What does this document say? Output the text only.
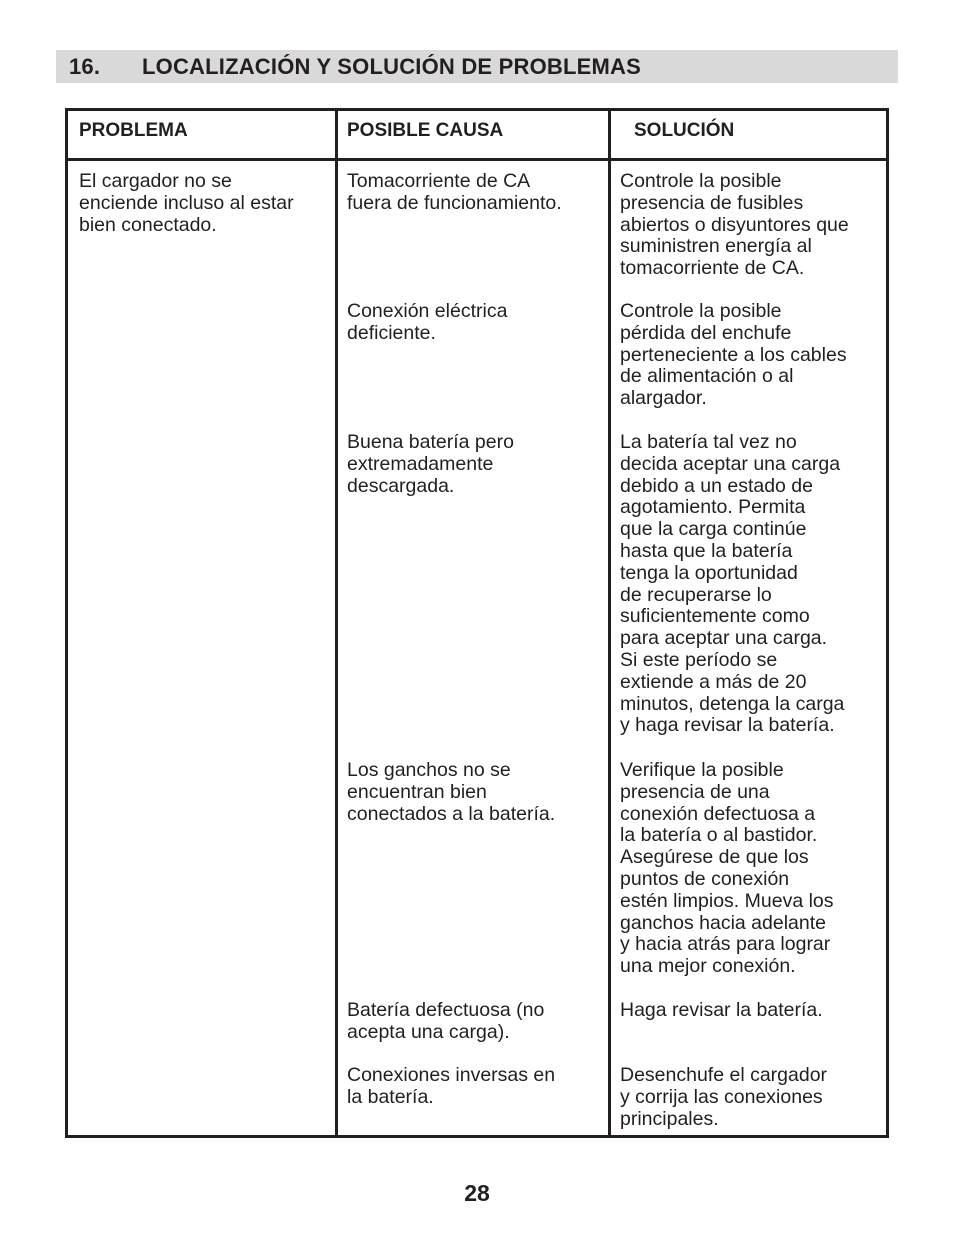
16. LOCALIZACIÓN Y SOLUCIÓN DE PROBLEMAS
PROBLEMA	POSIBLE CAUSA	SOLUCIÓN
El cargador no se
enciende incluso al estar
bien conectado.
Tomacorriente de CA
fuera de funcionamiento.
Controle la posible
presencia de fusibles
abiertos o disyuntores que
suministren energía al
tomacorriente de CA.
Conexión eléctrica
deficiente.
Controle la posible
pérdida del enchufe
perteneciente a los cables
de alimentación o al
alargador.
Buena batería pero
extremadamente
descargada.
La batería tal vez no
decida aceptar una carga
debido a un estado de
agotamiento. Permita
que la carga continúe
hasta que la batería
tenga la oportunidad
de recuperarse lo
suficientemente como
para aceptar una carga.
Si este período se
extiende a más de 20
minutos, detenga la carga
y haga revisar la batería.
Los ganchos no se
encuentran bien
conectados a la batería.
Verifique la posible
presencia de una
conexión defectuosa a
la batería o al bastidor.
Asegúrese de que los
puntos de conexión
estén limpios. Mueva los
ganchos hacia adelante
y hacia atrás para lograr
una mejor conexión.
Batería defectuosa (no
acepta una carga).
Haga revisar la batería.
Conexiones inversas en
la batería.
Desenchufe el cargador
y corrija las conexiones
principales.
28
